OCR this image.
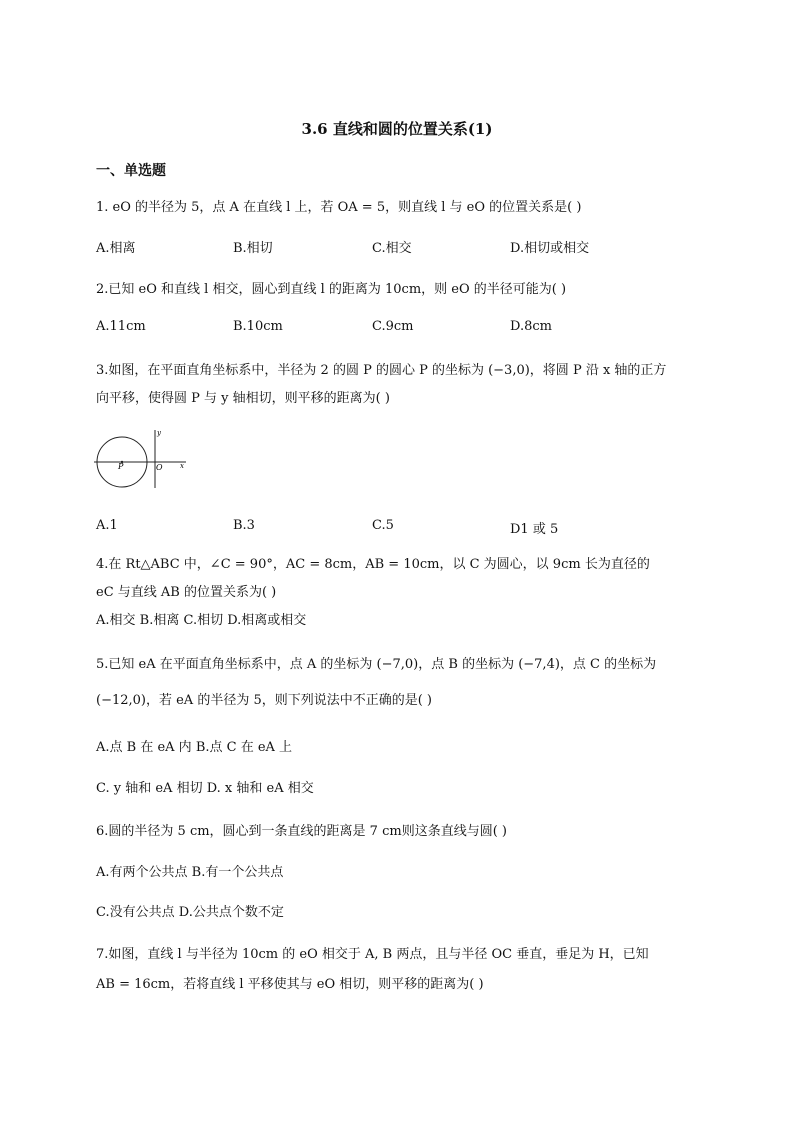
3.6 直线和圆的位置关系(1)
一、单选题
1. eO 的半径为 5，点 A 在直线 l 上，若 OA = 5，则直线 l 与 eO 的位置关系是( )
A.相离	B.相切	C.相交	D.相切或相交
2.已知 eO 和直线 l 相交，圆心到直线 l 的距离为 10cm，则 eO 的半径可能为( )
A.11cm	B.10cm	C.9cm	D.8cm
3.如图，在平面直角坐标系中，半径为 2 的圆 P 的圆心 P 的坐标为 (−3,0)，将圆 P 沿 x 轴的正方
向平移，使得圆 P 与 y 轴相切，则平移的距离为( )
P	O x
y
A.1	B.3	C.5	D1 或 5
4.在 Rt△ABC 中，∠C = 90°，AC = 8cm，AB = 10cm，以 C 为圆心，以 9cm 长为直径的
eC 与直线 AB 的位置关系为( )
A.相交 B.相离 C.相切 D.相离或相交
5.已知 eA 在平面直角坐标系中，点 A 的坐标为 (−7,0)，点 B 的坐标为 (−7,4)，点 C 的坐标为
(−12,0)，若 eA 的半径为 5，则下列说法中不正确的是( )
A.点 B 在 eA 内 B.点 C 在 eA 上
C. y 轴和 eA 相切 D. x 轴和 eA 相交
6.圆的半径为 5 cm，圆心到一条直线的距离是 7 cm则这条直线与圆( )
A.有两个公共点 B.有一个公共点
C.没有公共点 D.公共点个数不定
7.如图，直线 l 与半径为 10cm 的 eO 相交于 A, B 两点，且与半径 OC 垂直，垂足为 H，已知
AB = 16cm，若将直线 l 平移使其与 eO 相切，则平移的距离为( )
